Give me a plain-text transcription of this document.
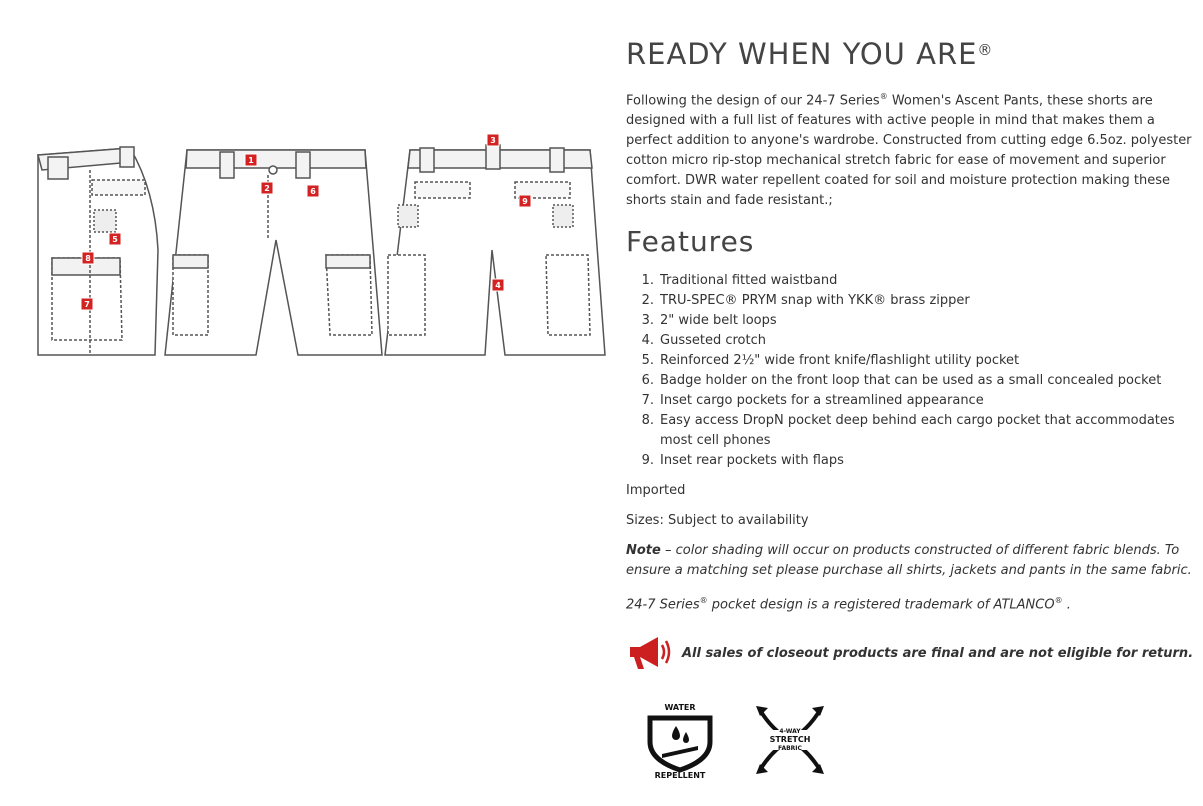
1
2
3
4
5
6
7
8
9
READY WHEN YOU ARE®

Following the design of our 24-7 Series® Women's Ascent Pants, these shorts are designed with a full list of features with active people in mind that makes them a perfect addition to anyone's wardrobe. Constructed from cutting edge 6.5oz. polyester cotton micro rip-stop mechanical stretch fabric for ease of movement and superior comfort. DWR water repellent coated for soil and moisture protection making these shorts stain and fade resistant.;

Features
1. Traditional fitted waistband
2. TRU-SPEC® PRYM snap with YKK® brass zipper
3. 2" wide belt loops
4. Gusseted crotch
5. Reinforced 2½" wide front knife/flashlight utility pocket
6. Badge holder on the front loop that can be used as a small concealed pocket
7. Inset cargo pockets for a streamlined appearance
8. Easy access DropN pocket deep behind each cargo pocket that accommodates most cell phones
9. Inset rear pockets with flaps

Imported

Sizes: Subject to availability

Note – color shading will occur on products constructed of different fabric blends. To ensure a matching set please purchase all shirts, jackets and pants in the same fabric.

24-7 Series® pocket design is a registered trademark of ATLANCO® .

All sales of closeout products are final and are not eligible for return.
WATER
REPELLENT
4-WAY
STRETCH
FABRIC
